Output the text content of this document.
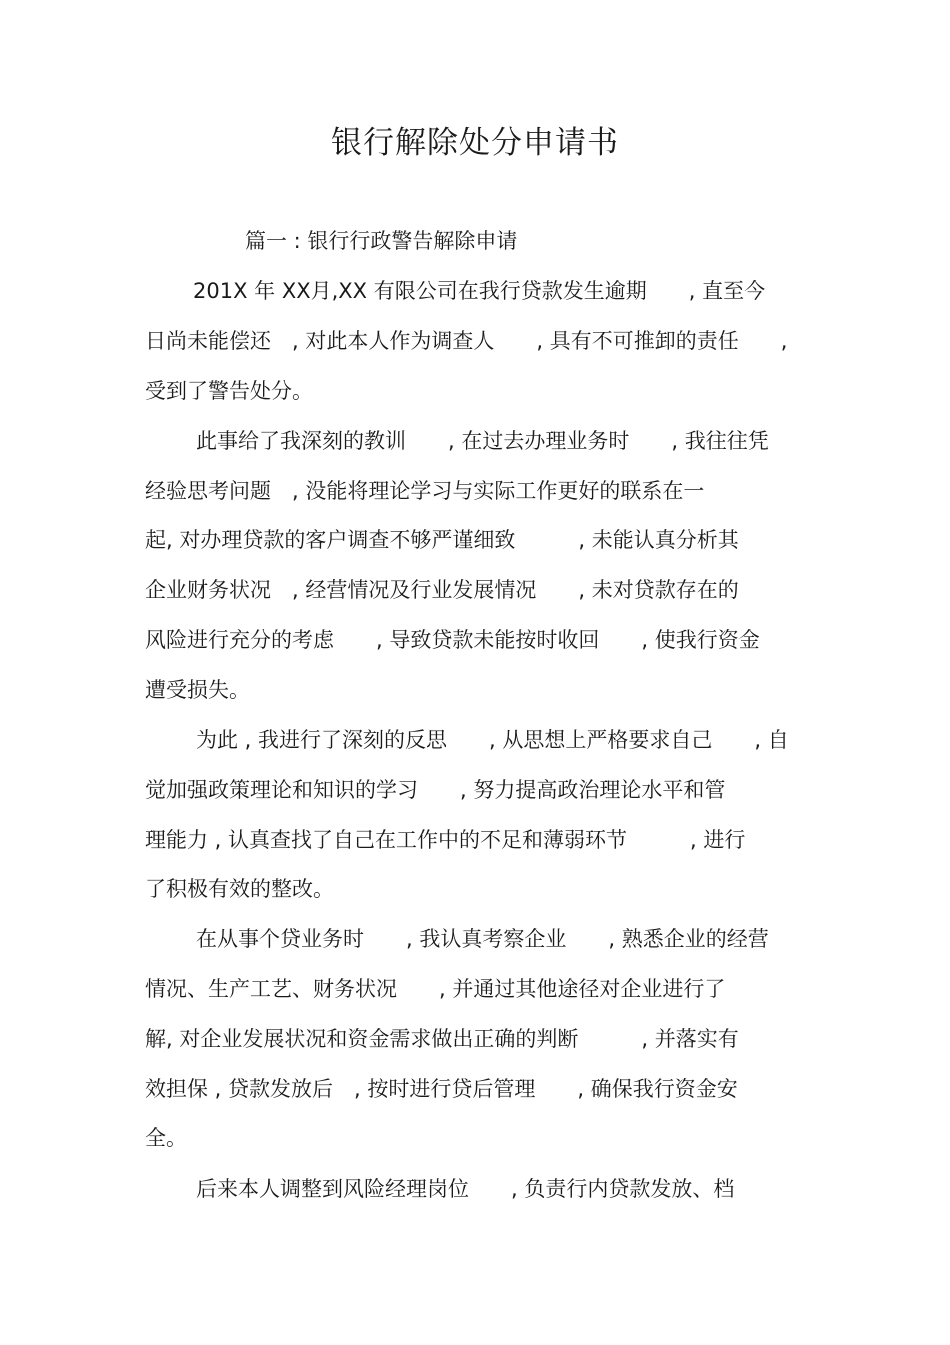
银行解除处分申请书
篇一 : 银行行政警告解除申请
201X 年 XX月,XX 有限公司在我行贷款发生逾期　　, 直至今
日尚未能偿还　, 对此本人作为调查人　　, 具有不可推卸的责任　　,
受到了警告处分。
此事给了我深刻的教训　　, 在过去办理业务时　　, 我往往凭
经验思考问题　, 没能将理论学习与实际工作更好的联系在一
起, 对办理贷款的客户调查不够严谨细致　　　, 未能认真分析其
企业财务状况　, 经营情况及行业发展情况　　, 未对贷款存在的
风险进行充分的考虑　　, 导致贷款未能按时收回　　, 使我行资金
遭受损失。
为此 , 我进行了深刻的反思　　, 从思想上严格要求自己　　, 自
觉加强政策理论和知识的学习　　, 努力提高政治理论水平和管
理能力 , 认真查找了自己在工作中的不足和薄弱环节　　　, 进行
了积极有效的整改。
在从事个贷业务时　　, 我认真考察企业　　, 熟悉企业的经营
情况、生产工艺、财务状况　　, 并通过其他途径对企业进行了
解, 对企业发展状况和资金需求做出正确的判断　　　, 并落实有
效担保 , 贷款发放后　, 按时进行贷后管理　　, 确保我行资金安
全。
后来本人调整到风险经理岗位　　, 负责行内贷款发放、档
